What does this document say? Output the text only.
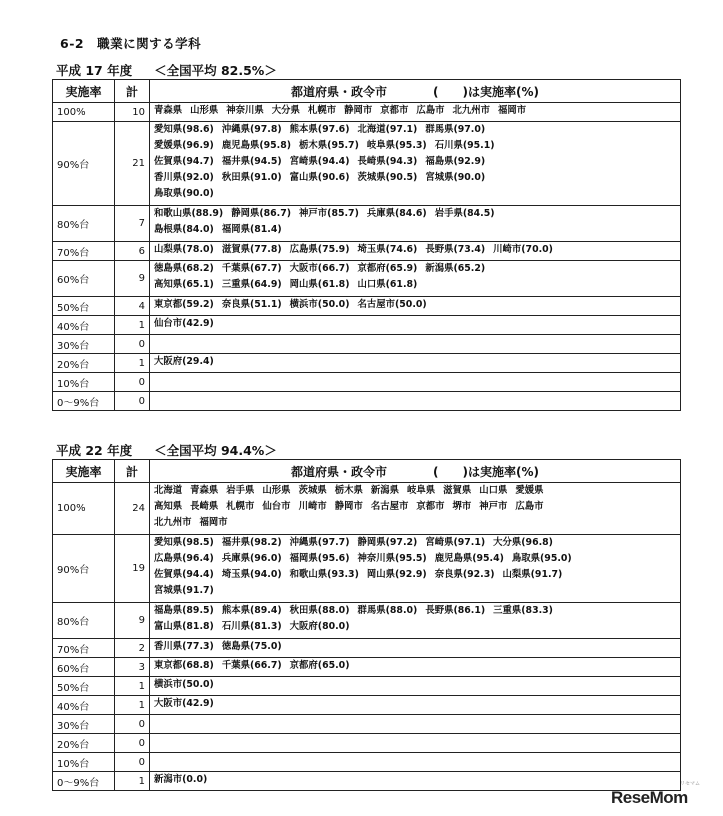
6-2　職業に関する学科
平成 17 年度 ＜全国平均 82.5%＞
実施率	計	都道府県・政令市 (　　)は実施率(%)
100%	10	青森県 山形県 神奈川県 大分県 札幌市 静岡市 京都市 広島市 北九州市 福岡市

90%台	21	愛知県(98.6) 沖縄県(97.8) 熊本県(97.6) 北海道(97.1) 群馬県(97.0)
愛媛県(96.9) 鹿児島県(95.8) 栃木県(95.7) 岐阜県(95.3) 石川県(95.1)
佐賀県(94.7) 福井県(94.5) 宮崎県(94.4) 長崎県(94.3) 福島県(92.9)
香川県(92.0) 秋田県(91.0) 富山県(90.6) 茨城県(90.5) 宮城県(90.0)
鳥取県(90.0)

80%台	7	和歌山県(88.9) 静岡県(86.7) 神戸市(85.7) 兵庫県(84.6) 岩手県(84.5)
島根県(84.0) 福岡県(81.4)

70%台	6	山梨県(78.0) 滋賀県(77.8) 広島県(75.9) 埼玉県(74.6) 長野県(73.4) 川崎市(70.0)

60%台	9	徳島県(68.2) 千葉県(67.7) 大阪市(66.7) 京都府(65.9) 新潟県(65.2)
高知県(65.1) 三重県(64.9) 岡山県(61.8) 山口県(61.8)

50%台	4	東京都(59.2) 奈良県(51.1) 横浜市(50.0) 名古屋市(50.0)

40%台	1	仙台市(42.9)

30%台	0	
20%台	1	大阪府(29.4)

10%台	0	
0～9%台	0	
平成 22 年度 ＜全国平均 94.4%＞
実施率	計	都道府県・政令市 (　　)は実施率(%)
100%	24	北海道 青森県 岩手県 山形県 茨城県 栃木県 新潟県 岐阜県 滋賀県 山口県 愛媛県
高知県 長崎県 札幌市 仙台市 川崎市 静岡市 名古屋市 京都市 堺市 神戸市 広島市
北九州市 福岡市

90%台	19	愛知県(98.5) 福井県(98.2) 沖縄県(97.7) 静岡県(97.2) 宮崎県(97.1) 大分県(96.8)
広島県(96.4) 兵庫県(96.0) 福岡県(95.6) 神奈川県(95.5) 鹿児島県(95.4) 鳥取県(95.0)
佐賀県(94.4) 埼玉県(94.0) 和歌山県(93.3) 岡山県(92.9) 奈良県(92.3) 山梨県(91.7)
宮城県(91.7)

80%台	9	福島県(89.5) 熊本県(89.4) 秋田県(88.0) 群馬県(88.0) 長野県(86.1) 三重県(83.3)
富山県(81.8) 石川県(81.3) 大阪府(80.0)

70%台	2	香川県(77.3) 徳島県(75.0)

60%台	3	東京都(68.8) 千葉県(66.7) 京都府(65.0)

50%台	1	横浜市(50.0)

40%台	1	大阪市(42.9)

30%台	0	
20%台	0	
10%台	0	
0～9%台	1	新潟市(0.0)
ReseMom
リセマム
